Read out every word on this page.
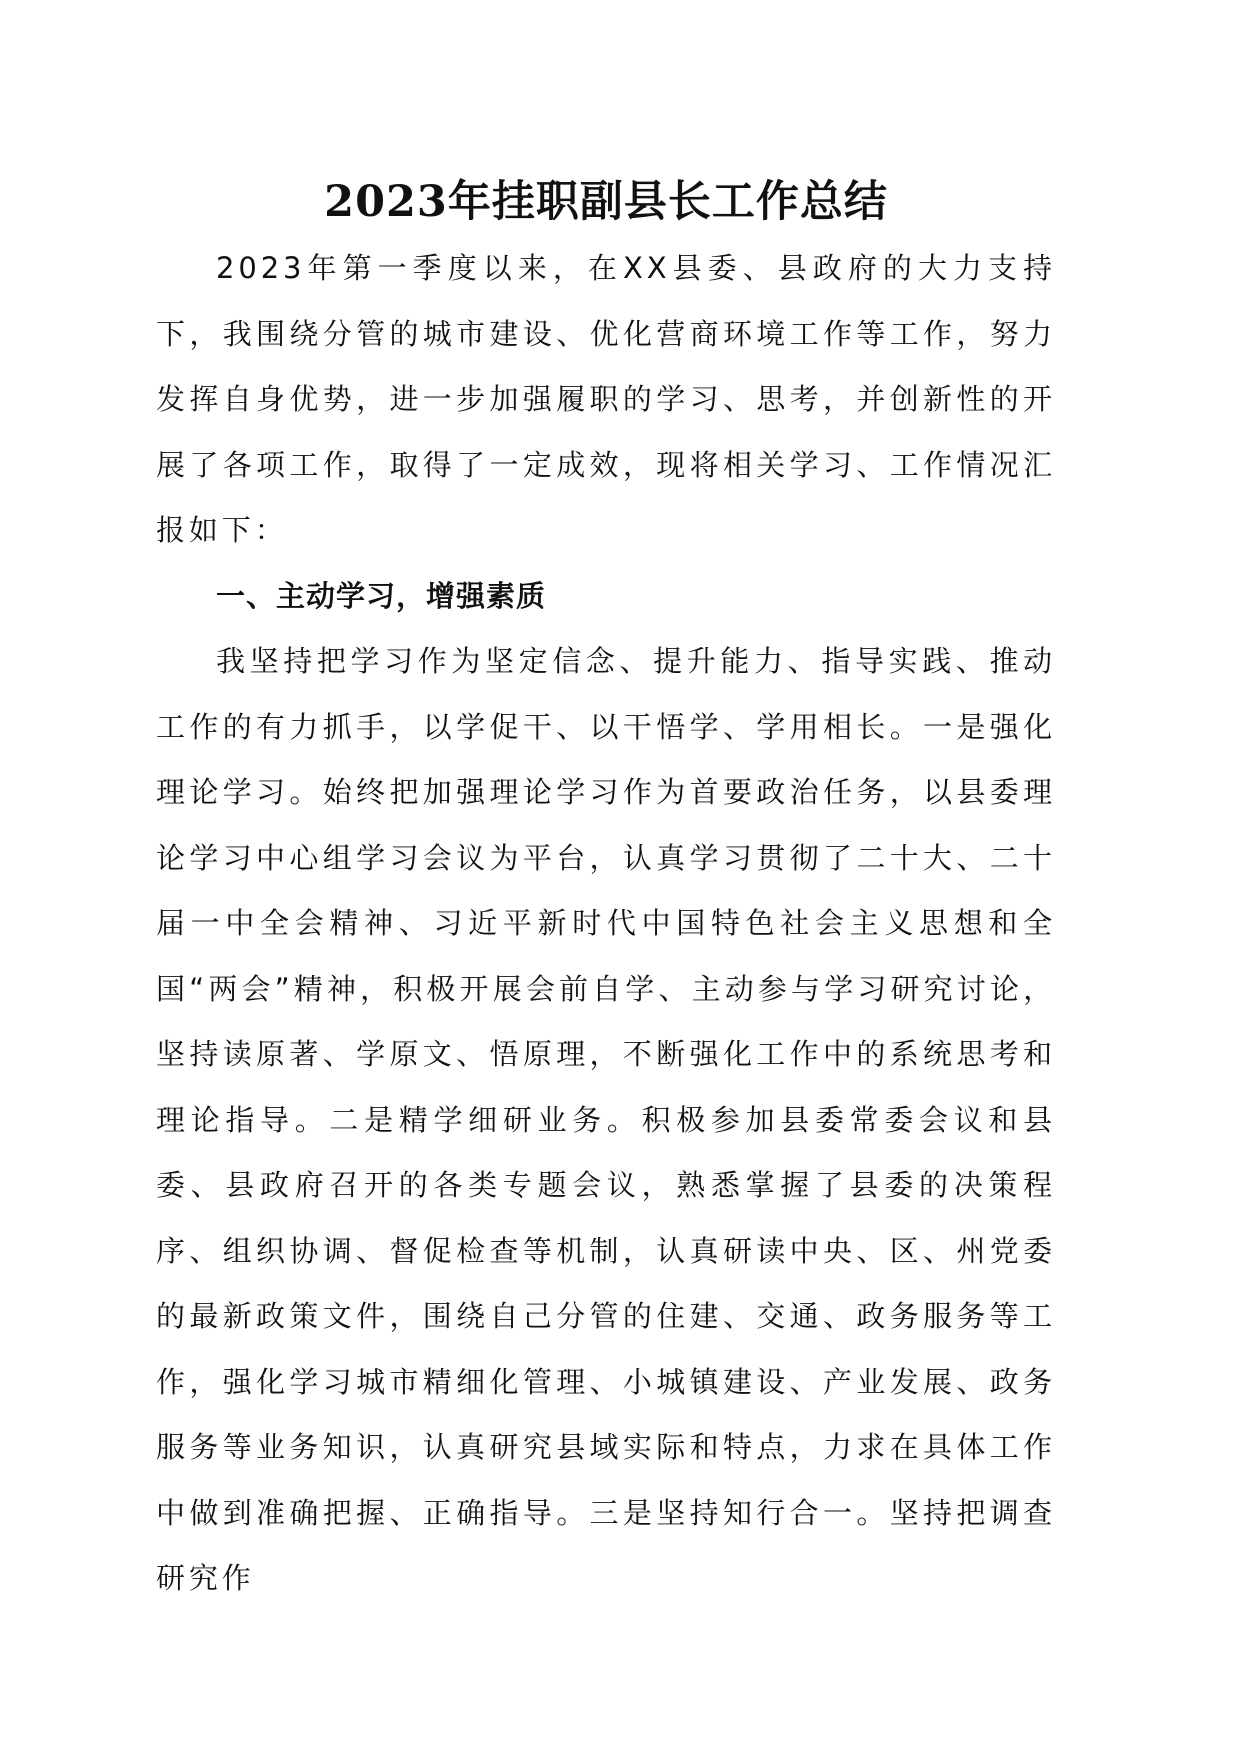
2023年挂职副县长工作总结

2023年第一季度以来，在XX县委、县政府的大力支持下，我围绕分管的城市建设、优化营商环境工作等工作，努力发挥自身优势，进一步加强履职的学习、思考，并创新性的开展了各项工作，取得了一定成效，现将相关学习、工作情况汇报如下：

一、主动学习，增强素质

我坚持把学习作为坚定信念、提升能力、指导实践、推动工作的有力抓手，以学促干、以干悟学、学用相长。一是强化理论学习。始终把加强理论学习作为首要政治任务，以县委理论学习中心组学习会议为平台，认真学习贯彻了二十大、二十届一中全会精神、习近平新时代中国特色社会主义思想和全国“两会”精神，积极开展会前自学、主动参与学习研究讨论，坚持读原著、学原文、悟原理，不断强化工作中的系统思考和理论指导。二是精学细研业务。积极参加县委常委会议和县委、县政府召开的各类专题会议，熟悉掌握了县委的决策程序、组织协调、督促检查等机制，认真研读中央、区、州党委的最新政策文件，围绕自己分管的住建、交通、政务服务等工作，强化学习城市精细化管理、小城镇建设、产业发展、政务服务等业务知识，认真研究县域实际和特点，力求在具体工作中做到准确把握、正确指导。三是坚持知行合一。坚持把调查研究作
